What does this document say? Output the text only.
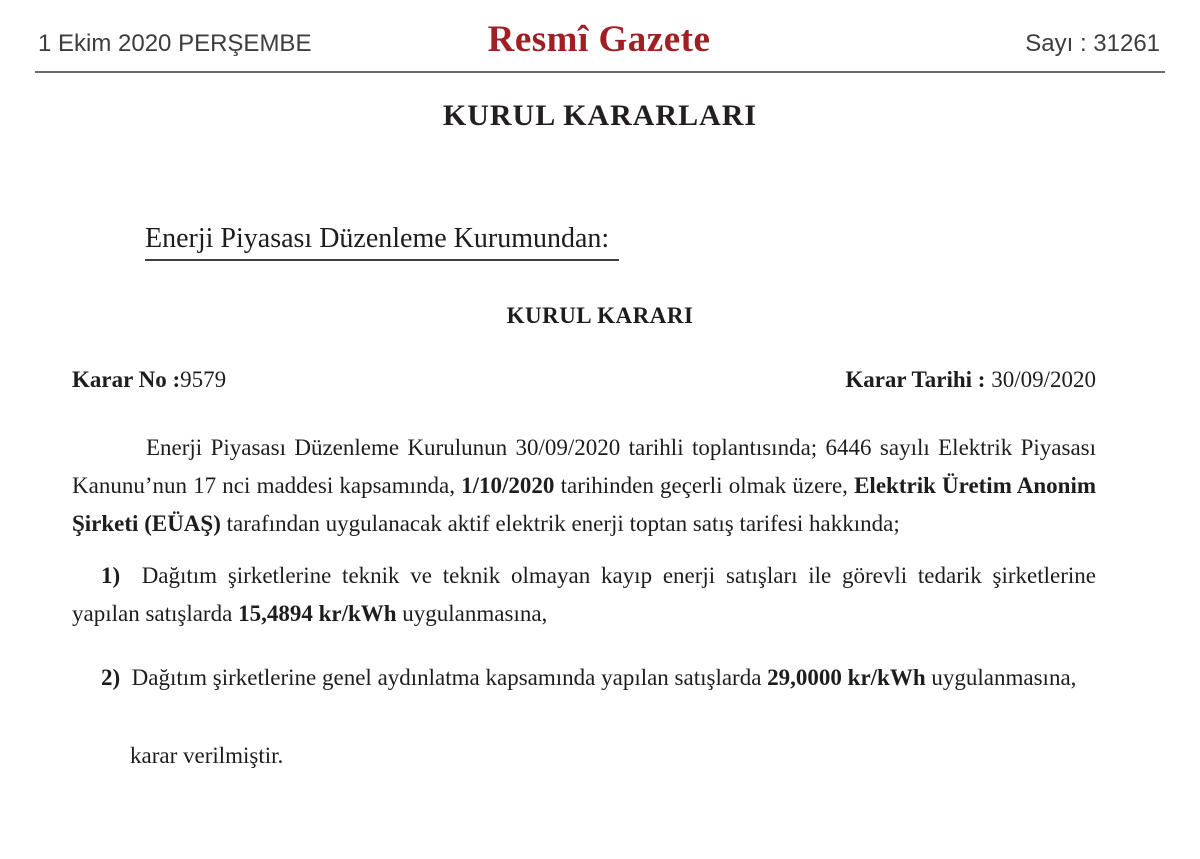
1 Ekim 2020 PERŞEMBE	Resmî Gazete	Sayı : 31261
KURUL KARARLARI
Enerji Piyasası Düzenleme Kurumundan:
KURUL KARARI
Karar No :9579	Karar Tarihi : 30/09/2020

Enerji Piyasası Düzenleme Kurulunun 30/09/2020 tarihli toplantısında; 6446 sayılı Elektrik Piyasası Kanunu’nun 17 nci maddesi kapsamında, 1/10/2020 tarihinden geçerli olmak üzere, Elektrik Üretim Anonim Şirketi (EÜAŞ) tarafından uygulanacak aktif elektrik enerji toptan satış tarifesi hakkında;

1)  Dağıtım şirketlerine teknik ve teknik olmayan kayıp enerji satışları ile görevli tedarik şirketlerine yapılan satışlarda 15,4894 kr/kWh uygulanmasına,

2)  Dağıtım şirketlerine genel aydınlatma kapsamında yapılan satışlarda 29,0000 kr/kWh uygulanmasına,

karar verilmiştir.
